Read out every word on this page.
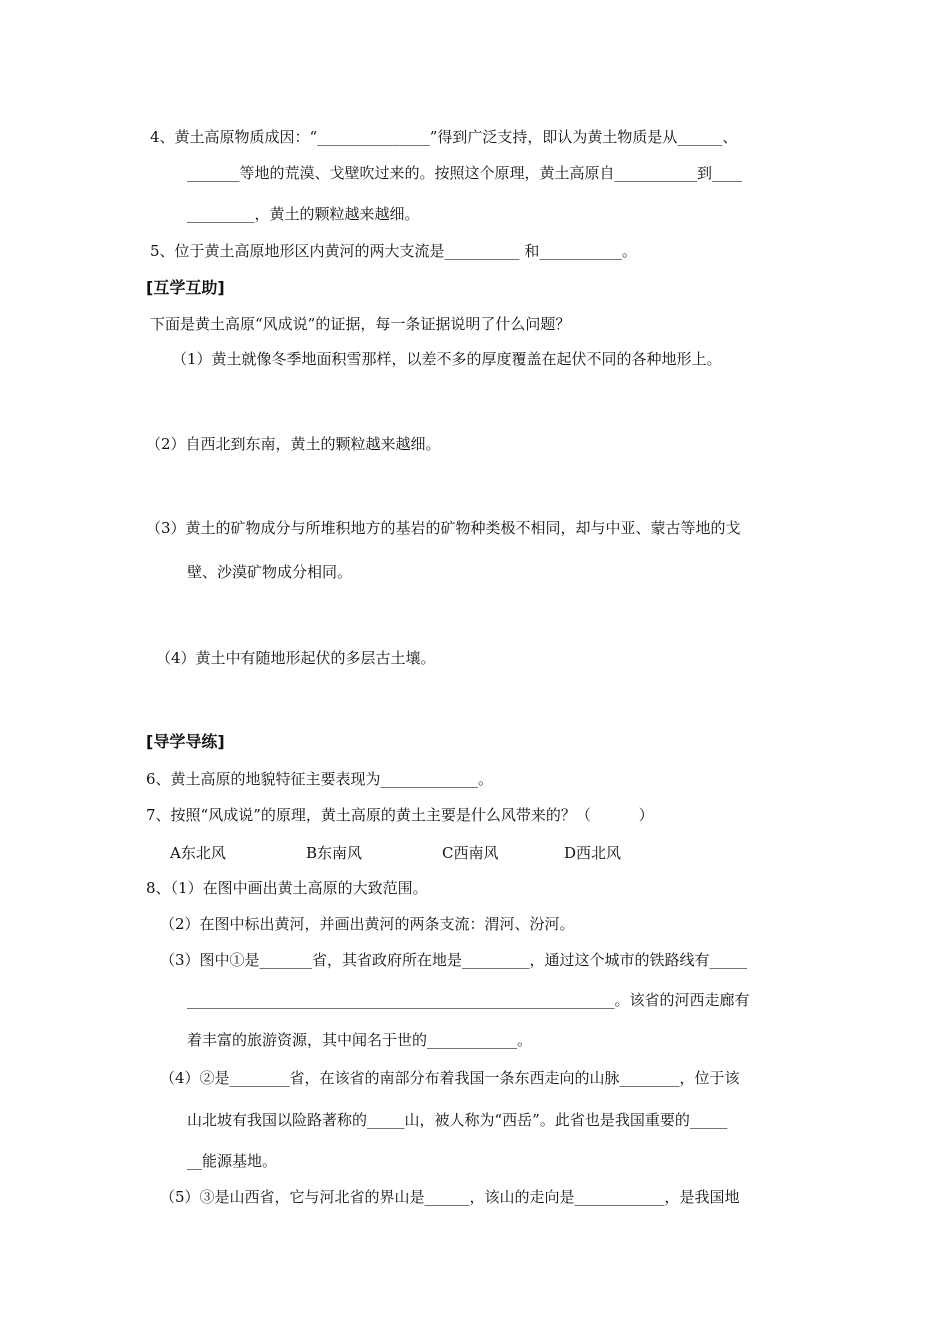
4、黄土高原物质成因：“_______________”得到广泛支持，即认为黄土物质是从______、
_______等地的荒漠、戈壁吹过来的。按照这个原理，黄土高原自___________到____
_________，黄土的颗粒越来越细。
5、位于黄土高原地形区内黄河的两大支流是__________ 和___________。
[互学互助]
下面是黄土高原“风成说”的证据，每一条证据说明了什么问题？
（1）黄土就像冬季地面积雪那样，以差不多的厚度覆盖在起伏不同的各种地形上。
（2）自西北到东南，黄土的颗粒越来越细。
（3）黄土的矿物成分与所堆积地方的基岩的矿物种类极不相同，却与中亚、蒙古等地的戈
壁、沙漠矿物成分相同。
（4）黄土中有随地形起伏的多层古土壤。
[导学导练]
6、黄土高原的地貌特征主要表现为_____________。
7、按照“风成说”的原理，黄土高原的黄土主要是什么风带来的？（          ）
A东北风	B东南风	C西南风	D西北风
8、（1）在图中画出黄土高原的大致范围。
（2）在图中标出黄河，并画出黄河的两条支流：渭河、汾河。
（3）图中①是_______省，其省政府所在地是_________，通过这个城市的铁路线有_____
_________________________________________________________。该省的河西走廊有
着丰富的旅游资源，其中闻名于世的____________。
（4）②是________省，在该省的南部分布着我国一条东西走向的山脉________，位于该
山北坡有我国以险路著称的_____山，被人称为“西岳”。此省也是我国重要的_____
__能源基地。
（5）③是山西省，它与河北省的界山是______，该山的走向是____________，是我国地
